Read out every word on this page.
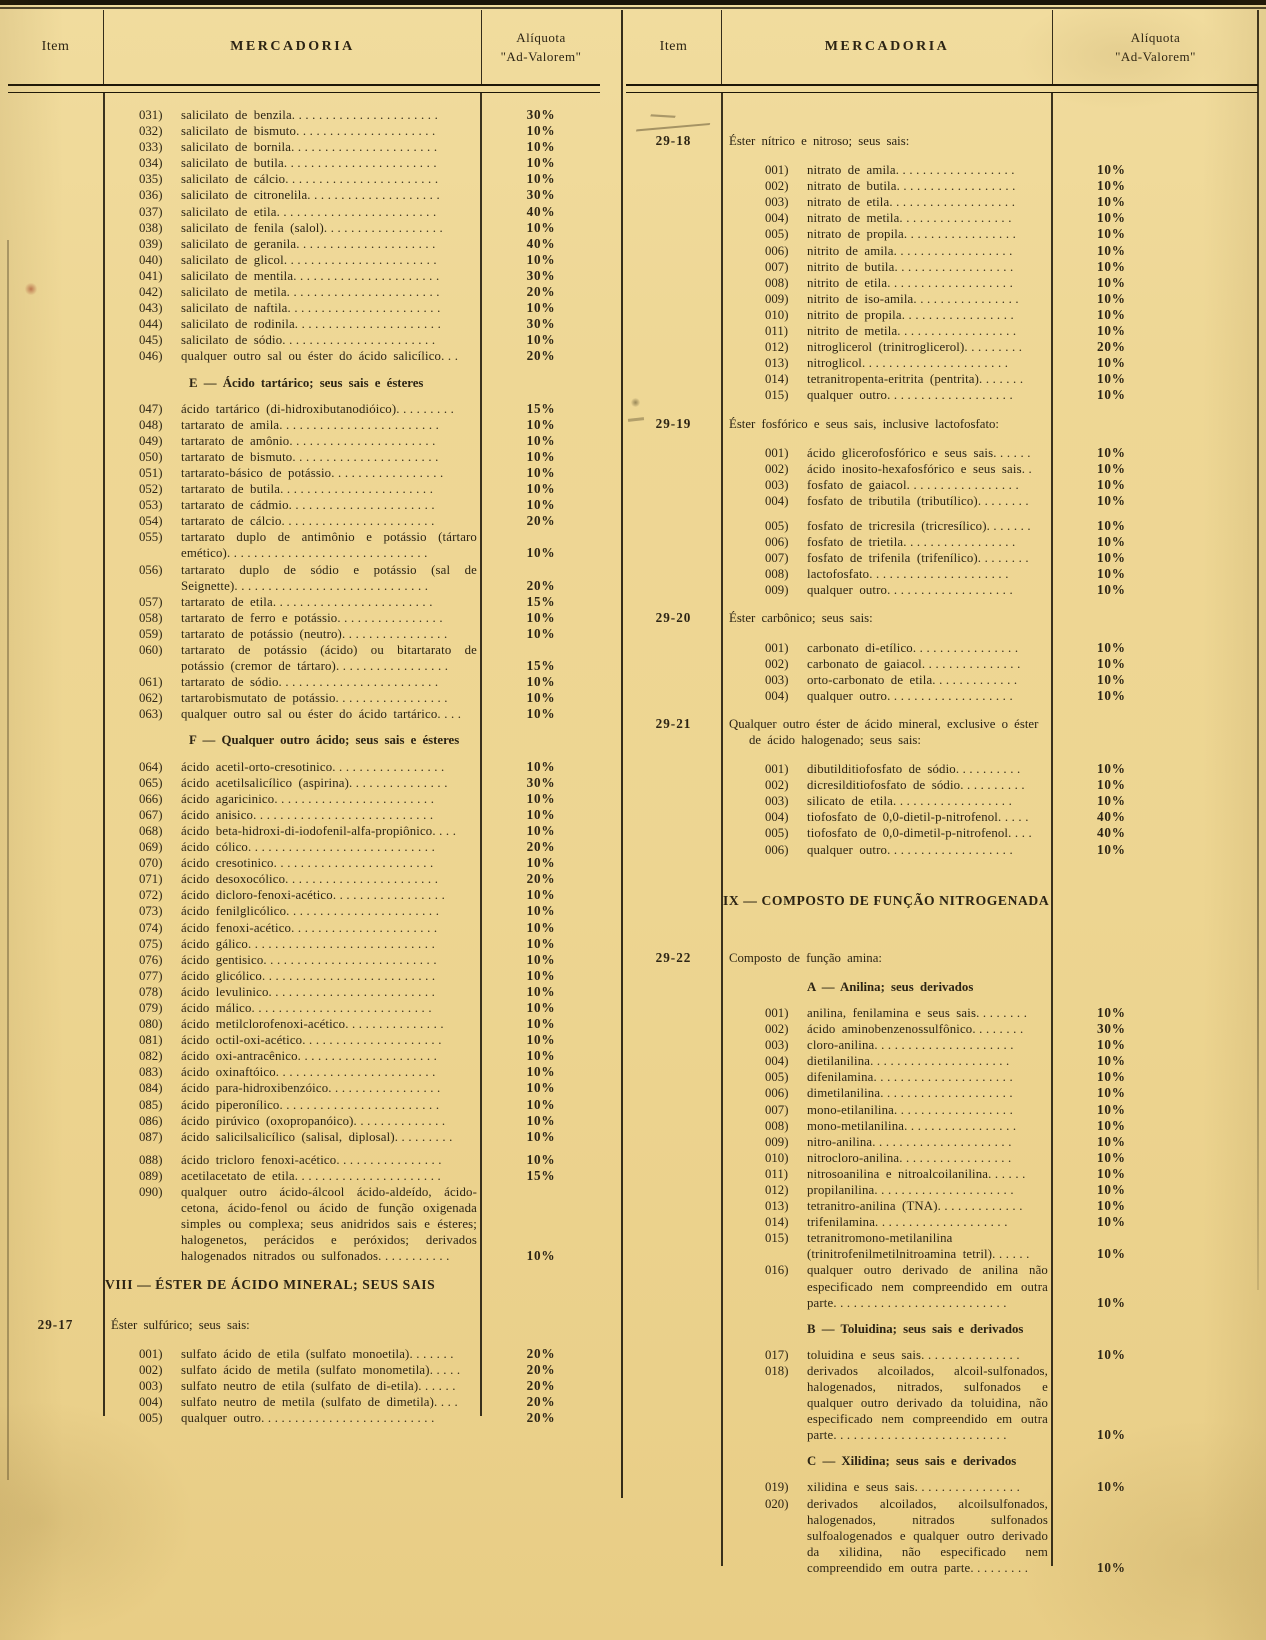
Item	MERCADORIA
Alíquota
"Ad-Valorem"
031)	salicilato de benzila......................	30%
032)	salicilato de bismuto.....................	10%
033)	salicilato de bornila......................	10%
034)	salicilato de butila.......................	10%
035)	salicilato de cálcio.......................	10%
036)	salicilato de citronelila....................	30%
037)	salicilato de etila........................	40%
038)	salicilato de fenila (salol)..................	10%
039)	salicilato de geranila.....................	40%
040)	salicilato de glicol.......................	10%
041)	salicilato de mentila......................	30%
042)	salicilato de metila.......................	20%
043)	salicilato de naftila.......................	10%
044)	salicilato de rodinila......................	30%
045)	salicilato de sódio.......................	10%
046)	qualquer outro sal ou éster do ácido salicílico...	20%
E — Ácido tartárico; seus sais e ésteres
047)	ácido tartárico (di-hidroxibutanodióico).........	15%
048)	tartarato de amila........................	10%
049)	tartarato de amônio......................	10%
050)	tartarato de bismuto......................	10%
051)	tartarato-básico de potássio.................	10%
052)	tartarato de butila.......................	10%
053)	tartarato de cádmio......................	10%
054)	tartarato de cálcio.......................	20%
055)	tartarato duplo de antimônio e potássio (tártaro emético)..............................	10%
056)	tartarato duplo de sódio e potássio (sal de Seignette).............................	20%
057)	tartarato de etila........................	15%
058)	tartarato de ferro e potássio................	10%
059)	tartarato de potássio (neutro)................	10%
060)	tartarato de potássio (ácido) ou bitartarato de potássio (cremor de tártaro).................	15%
061)	tartarato de sódio........................	10%
062)	tartarobismutato de potássio.................	10%
063)	qualquer outro sal ou éster do ácido tartárico....	10%
F — Qualquer outro ácido; seus sais e ésteres
064)	ácido acetil-orto-cresotinico.................	10%
065)	ácido acetilsalicílico (aspirina)...............	30%
066)	ácido agaricinico........................	10%
067)	ácido anisico...........................	10%
068)	ácido beta-hidroxi-di-iodofenil-alfa-propiônico....	10%
069)	ácido cólico............................	20%
070)	ácido cresotinico........................	10%
071)	ácido desoxocólico.......................	20%
072)	ácido dicloro-fenoxi-acético.................	10%
073)	ácido fenilglicólico.......................	10%
074)	ácido fenoxi-acético......................	10%
075)	ácido gálico............................	10%
076)	ácido gentisico..........................	10%
077)	ácido glicólico..........................	10%
078)	ácido levulinico.........................	10%
079)	ácido málico...........................	10%
080)	ácido metilclorofenoxi-acético...............	10%
081)	ácido octil-oxi-acético.....................	10%
082)	ácido oxi-antracênico.....................	10%
083)	ácido oxinaftóico........................	10%
084)	ácido para-hidroxibenzóico.................	10%
085)	ácido piperonílico........................	10%
086)	ácido pirúvico (oxopropanóico)..............	10%
087)	ácido salicilsalicílico (salisal, diplosal).........	10%
088)	ácido tricloro fenoxi-acético................	10%
089)	acetilacetato de etila......................	15%
090)	qualquer outro ácido-álcool ácido-aldeído, ácido-cetona, ácido-fenol ou ácido de função oxigenada simples ou complexa; seus anidridos sais e ésteres; halogenetos, perácidos e peróxidos; derivados halogenados nitrados ou sulfonados...........	10%
VIII — ÉSTER DE ÁCIDO MINERAL; SEUS SAIS
29-17	Éster sulfúrico; seus sais:
001)	sulfato ácido de etila (sulfato monoetila).......	20%
002)	sulfato ácido de metila (sulfato monometila).....	20%
003)	sulfato neutro de etila (sulfato de di-etila)......	20%
004)	sulfato neutro de metila (sulfato de dimetila)....	20%
005)	qualquer outro..........................	20%
Item	MERCADORIA
Alíquota
"Ad-Valorem"
29-18	Éster nítrico e nitroso; seus sais:
001)	nitrato de amila..................	10%
002)	nitrato de butila..................	10%
003)	nitrato de etila...................	10%
004)	nitrato de metila.................	10%
005)	nitrato de propila.................	10%
006)	nitrito de amila..................	10%
007)	nitrito de butila..................	10%
008)	nitrito de etila...................	10%
009)	nitrito de iso-amila................	10%
010)	nitrito de propila.................	10%
011)	nitrito de metila..................	10%
012)	nitroglicerol (trinitroglicerol).........	20%
013)	nitroglicol......................	10%
014)	tetranitropenta-eritrita (pentrita).......	10%
015)	qualquer outro...................	10%
29-19	Éster fosfórico e seus sais, inclusive lactofosfato:
001)	ácido glicerofosfórico e seus sais......	10%
002)	ácido inosito-hexafosfórico e seus sais..	10%
003)	fosfato de gaiacol.................	10%
004)	fosfato de tributila (tributílico)........	10%
005)	fosfato de tricresila (tricresílico).......	10%
006)	fosfato de trietila.................	10%
007)	fosfato de trifenila (trifenílico)........	10%
008)	lactofosfato.....................	10%
009)	qualquer outro...................	10%
29-20	Éster carbônico; seus sais:
001)	carbonato di-etílico................	10%
002)	carbonato de gaiacol...............	10%
003)	orto-carbonato de etila.............	10%
004)	qualquer outro...................	10%
29-21	Qualquer outro éster de ácido mineral, exclusive o éster de ácido halogenado; seus sais:
001)	dibutilditiofosfato de sódio..........	10%
002)	dicresilditiofosfato de sódio..........	10%
003)	silicato de etila..................	10%
004)	tiofosfato de 0,0-dietil-p-nitrofenol.....	40%
005)	tiofosfato de 0,0-dimetil-p-nitrofenol....	40%
006)	qualquer outro...................	10%
IX — COMPOSTO DE FUNÇÃO NITROGENADA
29-22	Composto de função amina:
A — Anilina; seus derivados
001)	anilina, fenilamina e seus sais........	10%
002)	ácido aminobenzenossulfônico........	30%
003)	cloro-anilina.....................	10%
004)	dietilanilina.....................	10%
005)	difenilamina.....................	10%
006)	dimetilanilina....................	10%
007)	mono-etilanilina..................	10%
008)	mono-metilanilina.................	10%
009)	nitro-anilina.....................	10%
010)	nitrocloro-anilina.................	10%
011)	nitrosoanilina e nitroalcoilanilina......	10%
012)	propilanilina.....................	10%
013)	tetranitro-anilina (TNA).............	10%
014)	trifenilamina....................	10%
015)	tetranitromono-metilanilina (trinitrofenilmetilnitroamina tetril)......	10%
016)	qualquer outro derivado de anilina não especificado nem compreendido em outra parte..........................	10%
B — Toluidina; seus sais e derivados
017)	toluidina e seus sais...............	10%
018)	derivados alcoilados, alcoil-sulfonados, halogenados, nitrados, sulfonados e qualquer outro derivado da toluidina, não especificado nem compreendido em outra parte..........................	10%
C — Xilidina; seus sais e derivados
019)	xilidina e seus sais................	10%
020)	derivados alcoilados, alcoilsulfonados, halogenados, nitrados sulfonados sulfoalogenados e qualquer outro derivado da xilidina, não especificado nem compreendido em outra parte.........	10%
